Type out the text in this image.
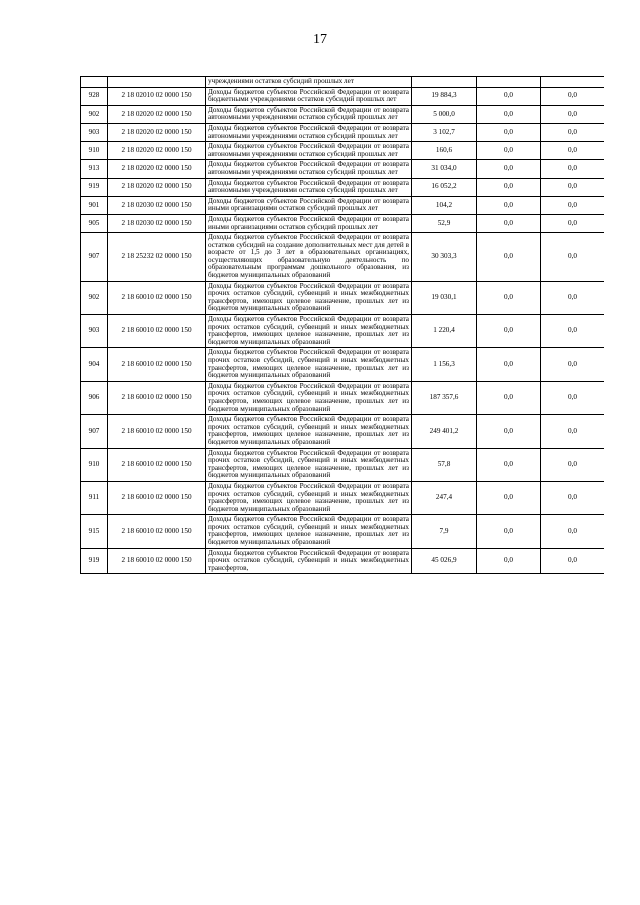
17
		учреждениями остатков субсидий прошлых лет			
928	2 18 02010 02 0000 150	Доходы бюджетов субъектов Российской Федерации от возврата бюджетными учреждениями остатков субсидий прошлых лет	19 884,3	0,0	0,0
902	2 18 02020 02 0000 150	Доходы бюджетов субъектов Российской Федерации от возврата автономными учреждениями остатков субсидий прошлых лет	5 000,0	0,0	0,0
903	2 18 02020 02 0000 150	Доходы бюджетов субъектов Российской Федерации от возврата автономными учреждениями остатков субсидий прошлых лет	3 102,7	0,0	0,0
910	2 18 02020 02 0000 150	Доходы бюджетов субъектов Российской Федерации от возврата автономными учреждениями остатков субсидий прошлых лет	160,6	0,0	0,0
913	2 18 02020 02 0000 150	Доходы бюджетов субъектов Российской Федерации от возврата автономными учреждениями остатков субсидий прошлых лет	31 034,0	0,0	0,0
919	2 18 02020 02 0000 150	Доходы бюджетов субъектов Российской Федерации от возврата автономными учреждениями остатков субсидий прошлых лет	16 052,2	0,0	0,0
901	2 18 02030 02 0000 150	Доходы бюджетов субъектов Российской Федерации от возврата иными организациями остатков субсидий прошлых лет	104,2	0,0	0,0
905	2 18 02030 02 0000 150	Доходы бюджетов субъектов Российской Федерации от возврата иными организациями остатков субсидий прошлых лет	52,9	0,0	0,0
907	2 18 25232 02 0000 150	Доходы бюджетов субъектов Российской Федерации от возврата остатков субсидий на создание дополнительных мест для детей в возрасте от 1,5 до 3 лет в образовательных организациях, осуществляющих образовательную деятельность по образовательным программам дошкольного образования, из бюджетов муниципальных образований	30 303,3	0,0	0,0
902	2 18 60010 02 0000 150	Доходы бюджетов субъектов Российской Федерации от возврата прочих остатков субсидий, субвенций и иных межбюджетных трансфертов, имеющих целевое назначение, прошлых лет из бюджетов муниципальных образований	19 030,1	0,0	0,0
903	2 18 60010 02 0000 150	Доходы бюджетов субъектов Российской Федерации от возврата прочих остатков субсидий, субвенций и иных межбюджетных трансфертов, имеющих целевое назначение, прошлых лет из бюджетов муниципальных образований	1 220,4	0,0	0,0
904	2 18 60010 02 0000 150	Доходы бюджетов субъектов Российской Федерации от возврата прочих остатков субсидий, субвенций и иных межбюджетных трансфертов, имеющих целевое назначение, прошлых лет из бюджетов муниципальных образований	1 156,3	0,0	0,0
906	2 18 60010 02 0000 150	Доходы бюджетов субъектов Российской Федерации от возврата прочих остатков субсидий, субвенций и иных межбюджетных трансфертов, имеющих целевое назначение, прошлых лет из бюджетов муниципальных образований	187 357,6	0,0	0,0
907	2 18 60010 02 0000 150	Доходы бюджетов субъектов Российской Федерации от возврата прочих остатков субсидий, субвенций и иных межбюджетных трансфертов, имеющих целевое назначение, прошлых лет из бюджетов муниципальных образований	249 401,2	0,0	0,0
910	2 18 60010 02 0000 150	Доходы бюджетов субъектов Российской Федерации от возврата прочих остатков субсидий, субвенций и иных межбюджетных трансфертов, имеющих целевое назначение, прошлых лет из бюджетов муниципальных образований	57,8	0,0	0,0
911	2 18 60010 02 0000 150	Доходы бюджетов субъектов Российской Федерации от возврата прочих остатков субсидий, субвенций и иных межбюджетных трансфертов, имеющих целевое назначение, прошлых лет из бюджетов муниципальных образований	247,4	0,0	0,0
915	2 18 60010 02 0000 150	Доходы бюджетов субъектов Российской Федерации от возврата прочих остатков субсидий, субвенций и иных межбюджетных трансфертов, имеющих целевое назначение, прошлых лет из бюджетов муниципальных образований	7,9	0,0	0,0
919	2 18 60010 02 0000 150	Доходы бюджетов субъектов Российской Федерации от возврата прочих остатков субсидий, субвенций и иных межбюджетных трансфертов,	45 026,9	0,0	0,0
